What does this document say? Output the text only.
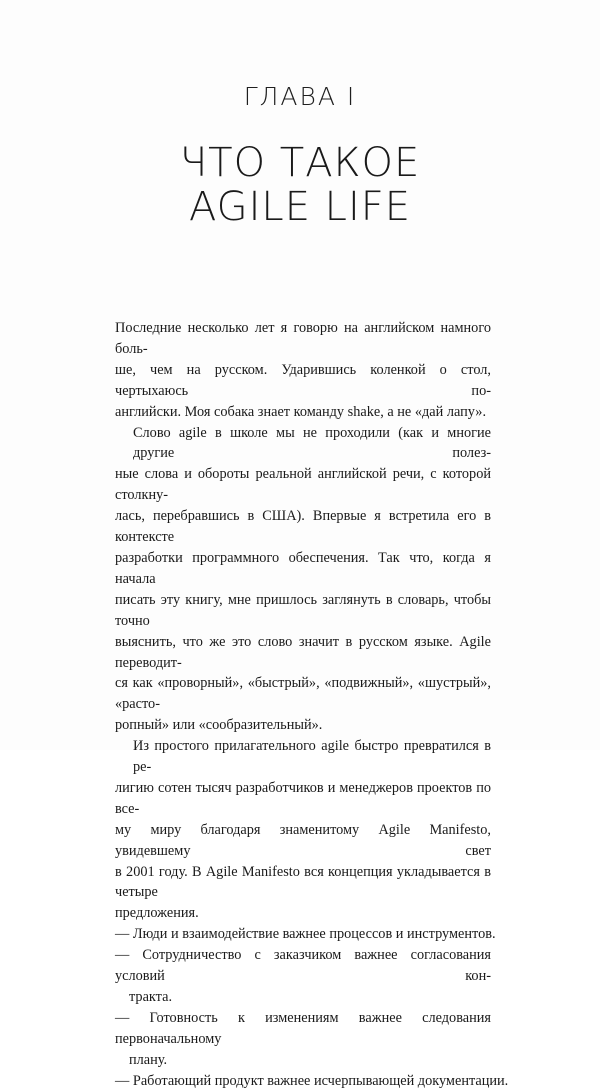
ГЛАВА I
ЧТО ТАКОЕ
AGILE LIFE
Последние несколько лет я говорю на английском намного боль-
ше, чем на русском. Ударившись коленкой о стол, чертыхаюсь по-
английски. Моя собака знает команду shake, а не «дай лапу».
Слово agile в школе мы не проходили (как и многие другие полез-
ные слова и обороты реальной английской речи, с которой столкну-
лась, перебравшись в США). Впервые я встретила его в контексте
разработки программного обеспечения. Так что, когда я начала
писать эту книгу, мне пришлось заглянуть в словарь, чтобы точно
выяснить, что же это слово значит в русском языке. Agile переводит-
ся как «проворный», «быстрый», «подвижный», «шустрый», «расто-
ропный» или «сообразительный».
Из простого прилагательного agile быстро превратился в ре-
лигию сотен тысяч разработчиков и менеджеров проектов по все-
му миру благодаря знаменитому Agile Manifesto, увидевшему свет
в 2001 году. В Agile Manifesto вся концепция укладывается в четыре
предложения.
— Люди и взаимодействие важнее процессов и инструментов.
— Сотрудничество с заказчиком важнее согласования условий кон-
тракта.
— Готовность к изменениям важнее следования первоначальному
плану.
— Работающий продукт важнее исчерпывающей документации.
